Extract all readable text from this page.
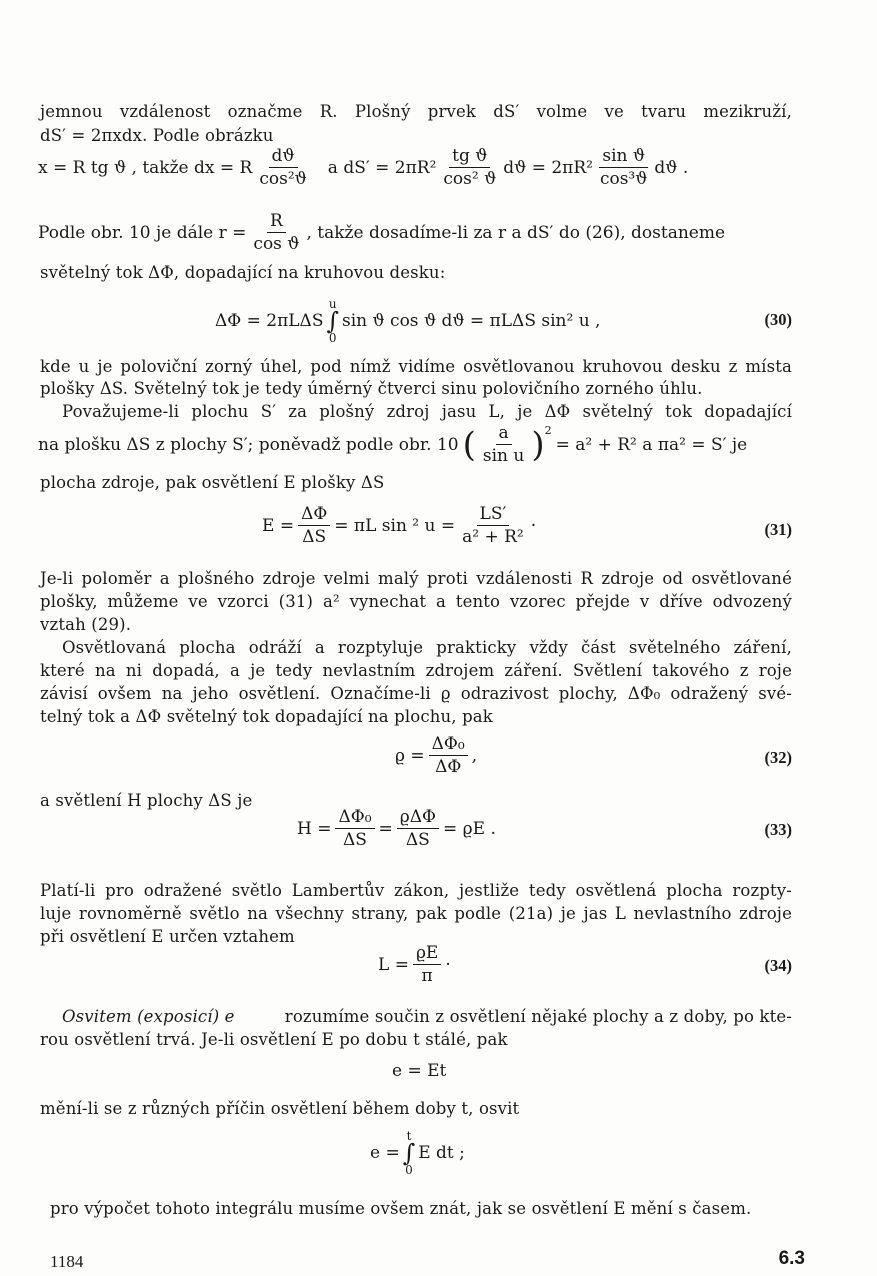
jemnou vzdálenost označme R. Plošný prvek dS′ volme ve tvaru mezikruží,
dS′ = 2πxdx. Podle obrázku
x = R tg ϑ , takže dx = R $\frac{dϑ}{\text{cos²ϑ}}$ a $dS' = 2\pi R^2 \frac{\text{tg ϑ}}{\text{cos² ϑ}}$ $dϑ = 2\pi R^2 \frac{\text{sin ϑ}}{\text{cos³ϑ}}$ dϑ .
Podle obr. 10 je dále $r = \frac{R}{\text{cos ϑ}}$ , takže dosadíme-li za r a dS′ do (26), dostaneme
světelný tok ΔΦ, dopadající na kruhovou desku:
ΔΦ = 2πLΔS
u
∫
0
sin ϑ cos ϑ dϑ = πLΔS sin² u ,	(30)
kde u je poloviční zorný úhel, pod nímž vidíme osvětlovanou kruhovou desku z místa
plošky ΔS. Světelný tok je tedy úměrný čtverci sinu polovičního zorného úhlu.
Považujeme-li plochu S′ za plošný zdroj jasu L, je ΔΦ světelný tok dopadající
na plošku ΔS z plochy S′; poněvadž podle obr. 10 ( $\frac{a}{\text{sin u}} )^2$
= a² + R² a πa² = S′ je
plocha zdroje, pak osvětlení E plošky ΔS
$E = \frac{\Delta\Phi}{\Delta S} = \pi L$ sin ² $u = \frac{LS'}{\text{a² + R²}}$ ·	(31)
Je-li poloměr a plošného zdroje velmi malý proti vzdálenosti R zdroje od osvětlované
plošky, můžeme ve vzorci (31) a² vynechat a tento vzorec přejde v dříve odvozený
vztah (29).
Osvětlovaná plocha odráží a rozptyluje prakticky vždy část světelného záření,
které na ni dopadá, a je tedy nevlastním zdrojem záření. Světlení takového z roje
závisí ovšem na jeho osvětlení. Označíme-li ϱ odrazivost plochy, ΔΦ₀ odražený své-
telný tok a ΔΦ světelný tok dopadající na plochu, pak
$ϱ = \frac{\text{ΔΦ₀}}{\Delta\Phi}$ ,	(32)
a světlení H plochy ΔS je
$H = \frac{\text{ΔΦ₀}}{\Delta S} = \frac{\text{ϱΔΦ}}{\Delta S} = ϱE$ .	(33)
Platí-li pro odražené světlo Lambertův zákon, jestliže tedy osvětlená plocha rozpty-
luje rovnoměrně světlo na všechny strany, pak podle (21a) je jas L nevlastního zdroje
při osvětlení E určen vztahem
$L = \frac{ϱE}{\pi}$ ·	(34)
Osvitem (exposicí) e	rozumíme součin z osvětlení nějaké plochy a z doby, po kte-
rou osvětlení trvá. Je-li osvětlení E po dobu t stálé, pak
e = Et
mění-li se z různých příčin osvětlení během doby t, osvit
e =
t
∫
0
E dt ;
pro výpočet tohoto integrálu musíme ovšem znát, jak se osvětlení E mění s časem.
1184	6.3
